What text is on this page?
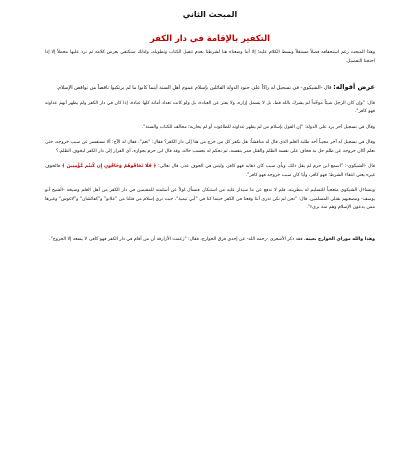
المبحث الثاني
التكفير بالإقامة في دار الكفر

وهذا المبحث رغم استحقاقه فصلاً مستقلاً وبسط الكلام عليه؛ إلا أننا وضعناه هنا لشرطنا بعدم تثقيل الكتاب وتطويله، ولذلك سنكتفي بعرض كلامه ثم نرد عليها مجملاً إلا إذا احتجنا التفصيل.

عرض أقواله: قال -الشيكوي- في تسجيل له رادّاً على جنود الدولة القائلين بإسلام عموم أهل السنة أينما كانوا ما لم يرتكبوا ناقضاً من نواقض الإسلام.

قال: "وإن كان الرجل شيئاً موحّداً لم يشرك بالله قط، بل لا يسمل إزاره، ولا يفتر عن العبادة، بل ولو كانت تعداد أمانه كلها عبادة، إذا كان في دار الكفر ولم يظهر أبهم عداوته فهو كافر".

وقال في تسجيل آخر يرد على الدولة: "إن القول بإسلام من لم يظهر عداوته للطاغوت أو لم يحاربه؛ مخالف للكتاب والسنة".

وقال في تسجيل له آخر مجيباً أحد طلبة العلم الذي قال له مناقشاً: هل نكفر كل من خرج من هنا إلى دار الكفر؟ فقال: "نعم"، فقال له الآخ: ألا نستفسر عن سبب خروجه، حتى نعلم أكان خروجه عن ظلم حل به فخاف على نفسه الظلم والقتل فمر بنفسه، ثم نحكم له بحسب حاله، وقد قال ابن حزم بجوازه، أي الفرار إلى دار الكفر ليخوف الظلم.؟

قال -الشيكوي-: "اسمع ابن حزم لم يقل ذلك، وبأي سبب كان ذهابه فهو كافر، وليس في الخوف عذر، قال تعالى: ﴿ فَلَا تَخَافُوهُمْ وَخَافُونِ إِن كُنتُم مُّؤْمِنِينَ ﴾ فالخوف غيره يعني انتفاء الشرط؛ فهو كافر، وأيا كان سبب خروجه فهو كافر".

ويتساءل الشيكوي متعجباً للتسليم له بنظريته، فلم لا ندفع عن ما سيذار عليه من استنكار، فنسأل لولاً عن أسلمته للمقيمين في دار الكفر من أهل العلم وشيخه -الشيخ أبو يوسف- ومصعبهم بقتلى المسلمين. قال: "نحن لم نكن نذري أننا وقعنا في الكفر حينما كنا في "أبي تيمية"، حيث نرى إسلام من قتلنا من "علانو" و"كفائشان" و"لاغوس" وغيرها ممن يدعون الإسلام وهم منه بريء".

وهذا والله موراي الخوارج بعينه، فقد ذكر الأشعري -رحمه الله- عن إحدى فرق الخوارج، فقال: "زعمت الأزارقة أن من أقام في دار الكفر فهو كافر، لا يسعه إلا الخروج".
